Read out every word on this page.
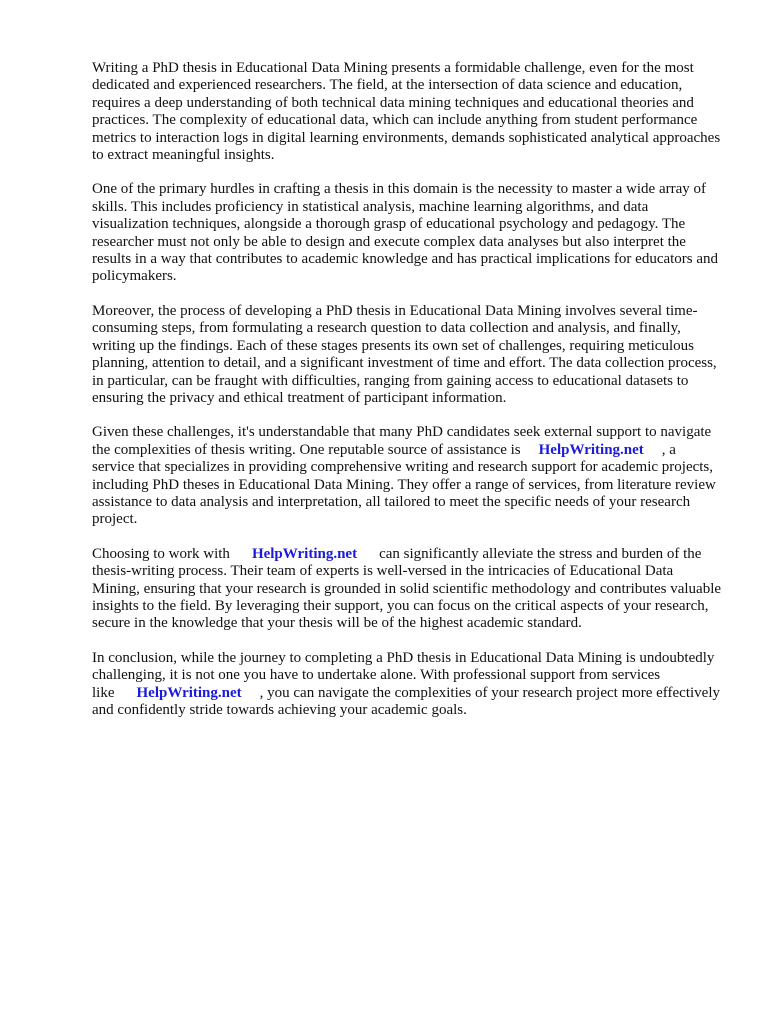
Writing a PhD thesis in Educational Data Mining presents a formidable challenge, even for the most dedicated and experienced researchers. The field, at the intersection of data science and education, requires a deep understanding of both technical data mining techniques and educational theories and practices. The complexity of educational data, which can include anything from student performance metrics to interaction logs in digital learning environments, demands sophisticated analytical approaches to extract meaningful insights.

One of the primary hurdles in crafting a thesis in this domain is the necessity to master a wide array of skills. This includes proficiency in statistical analysis, machine learning algorithms, and data visualization techniques, alongside a thorough grasp of educational psychology and pedagogy. The researcher must not only be able to design and execute complex data analyses but also interpret the results in a way that contributes to academic knowledge and has practical implications for educators and policymakers.

Moreover, the process of developing a PhD thesis in Educational Data Mining involves several time-consuming steps, from formulating a research question to data collection and analysis, and finally, writing up the findings. Each of these stages presents its own set of challenges, requiring meticulous planning, attention to detail, and a significant investment of time and effort. The data collection process, in particular, can be fraught with difficulties, ranging from gaining access to educational datasets to ensuring the privacy and ethical treatment of participant information.

Given these challenges, it's understandable that many PhD candidates seek external support to navigate the complexities of thesis writing. One reputable source of assistance is HelpWriting.net , a service that specializes in providing comprehensive writing and research support for academic projects, including PhD theses in Educational Data Mining. They offer a range of services, from literature review assistance to data analysis and interpretation, all tailored to meet the specific needs of your research project.

Choosing to work with HelpWriting.net can significantly alleviate the stress and burden of the thesis-writing process. Their team of experts is well-versed in the intricacies of Educational Data Mining, ensuring that your research is grounded in solid scientific methodology and contributes valuable insights to the field. By leveraging their support, you can focus on the critical aspects of your research, secure in the knowledge that your thesis will be of the highest academic standard.

In conclusion, while the journey to completing a PhD thesis in Educational Data Mining is undoubtedly challenging, it is not one you have to undertake alone. With professional support from services like HelpWriting.net , you can navigate the complexities of your research project more effectively and confidently stride towards achieving your academic goals.
